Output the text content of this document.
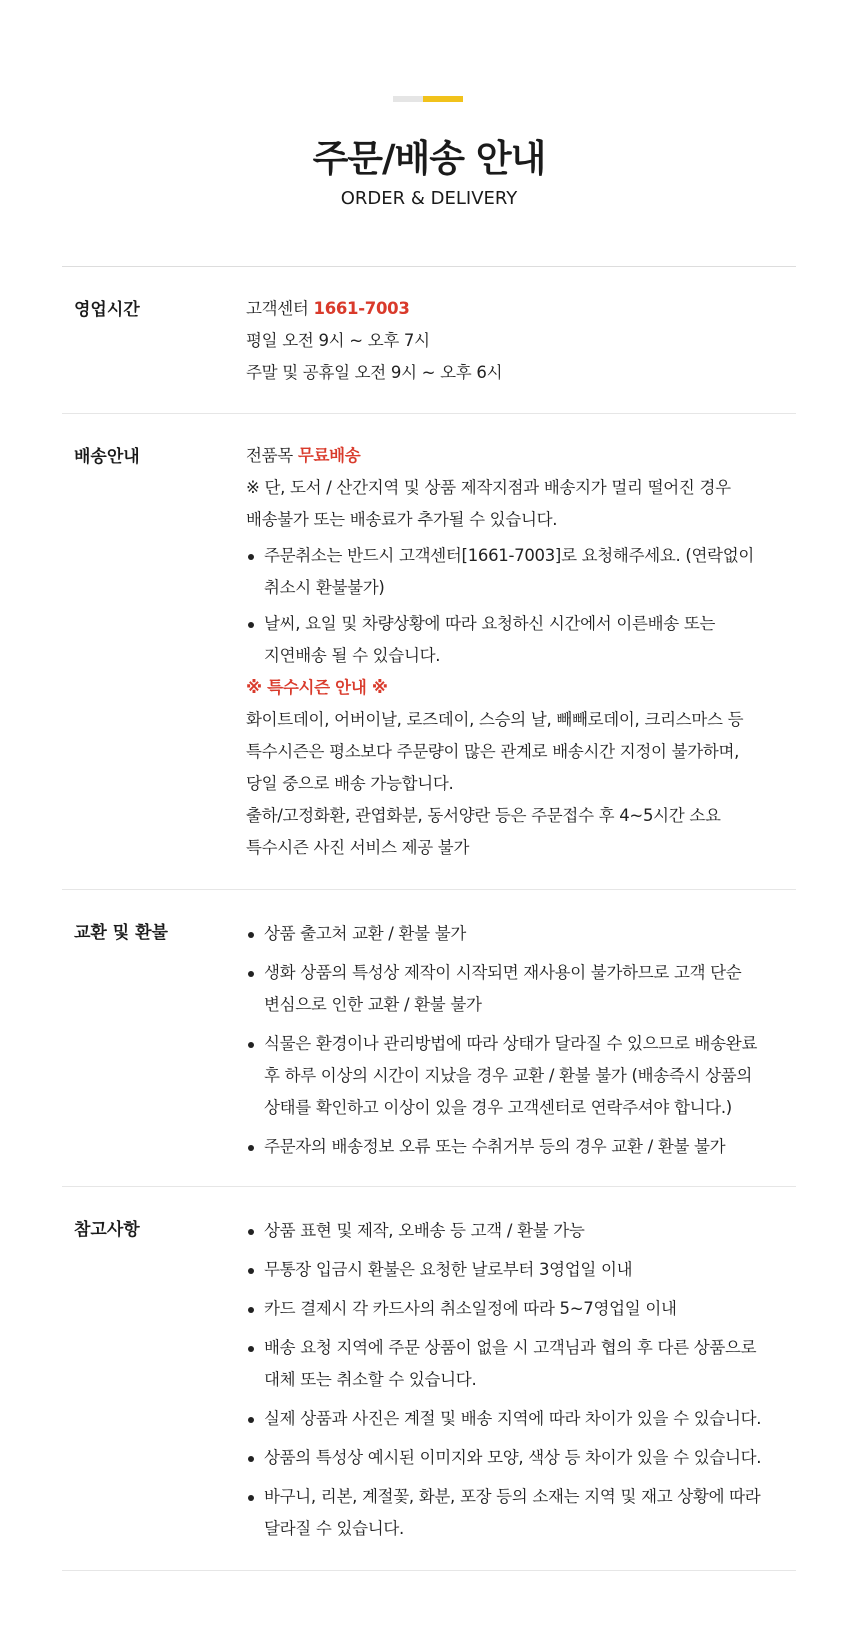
주문/배송 안내
ORDER & DELIVERY
영업시간	고객센터 1661-7003
평일 오전 9시 ~ 오후 7시
주말 및 공휴일 오전 9시 ~ 오후 6시
배송안내	전품목 무료배송
※ 단, 도서 / 산간지역 및 상품 제작지점과 배송지가 멀리 떨어진 경우
배송불가 또는 배송료가 추가될 수 있습니다.
주문취소는 반드시 고객센터[1661-7003]로 요청해주세요. (연락없이
취소시 환불불가)
날씨, 요일 및 차량상황에 따라 요청하신 시간에서 이른배송 또는
지연배송 될 수 있습니다.
※ 특수시즌 안내 ※
화이트데이, 어버이날, 로즈데이, 스승의 날, 빼빼로데이, 크리스마스 등
특수시즌은 평소보다 주문량이 많은 관계로 배송시간 지정이 불가하며,
당일 중으로 배송 가능합니다.
출하/고정화환, 관엽화분, 동서양란 등은 주문접수 후 4~5시간 소요
특수시즌 사진 서비스 제공 불가
교환 및 환불	상품 출고처 교환 / 환불 불가
생화 상품의 특성상 제작이 시작되면 재사용이 불가하므로 고객 단순
변심으로 인한 교환 / 환불 불가
식물은 환경이나 관리방법에 따라 상태가 달라질 수 있으므로 배송완료
후 하루 이상의 시간이 지났을 경우 교환 / 환불 불가 (배송즉시 상품의
상태를 확인하고 이상이 있을 경우 고객센터로 연락주셔야 합니다.)
주문자의 배송정보 오류 또는 수취거부 등의 경우 교환 / 환불 불가
참고사항	상품 표현 및 제작, 오배송 등 고객 / 환불 가능
무통장 입금시 환불은 요청한 날로부터 3영업일 이내
카드 결제시 각 카드사의 취소일정에 따라 5~7영업일 이내
배송 요청 지역에 주문 상품이 없을 시 고객님과 협의 후 다른 상품으로
대체 또는 취소할 수 있습니다.
실제 상품과 사진은 계절 및 배송 지역에 따라 차이가 있을 수 있습니다.
상품의 특성상 예시된 이미지와 모양, 색상 등 차이가 있을 수 있습니다.
바구니, 리본, 계절꽃, 화분, 포장 등의 소재는 지역 및 재고 상황에 따라
달라질 수 있습니다.
